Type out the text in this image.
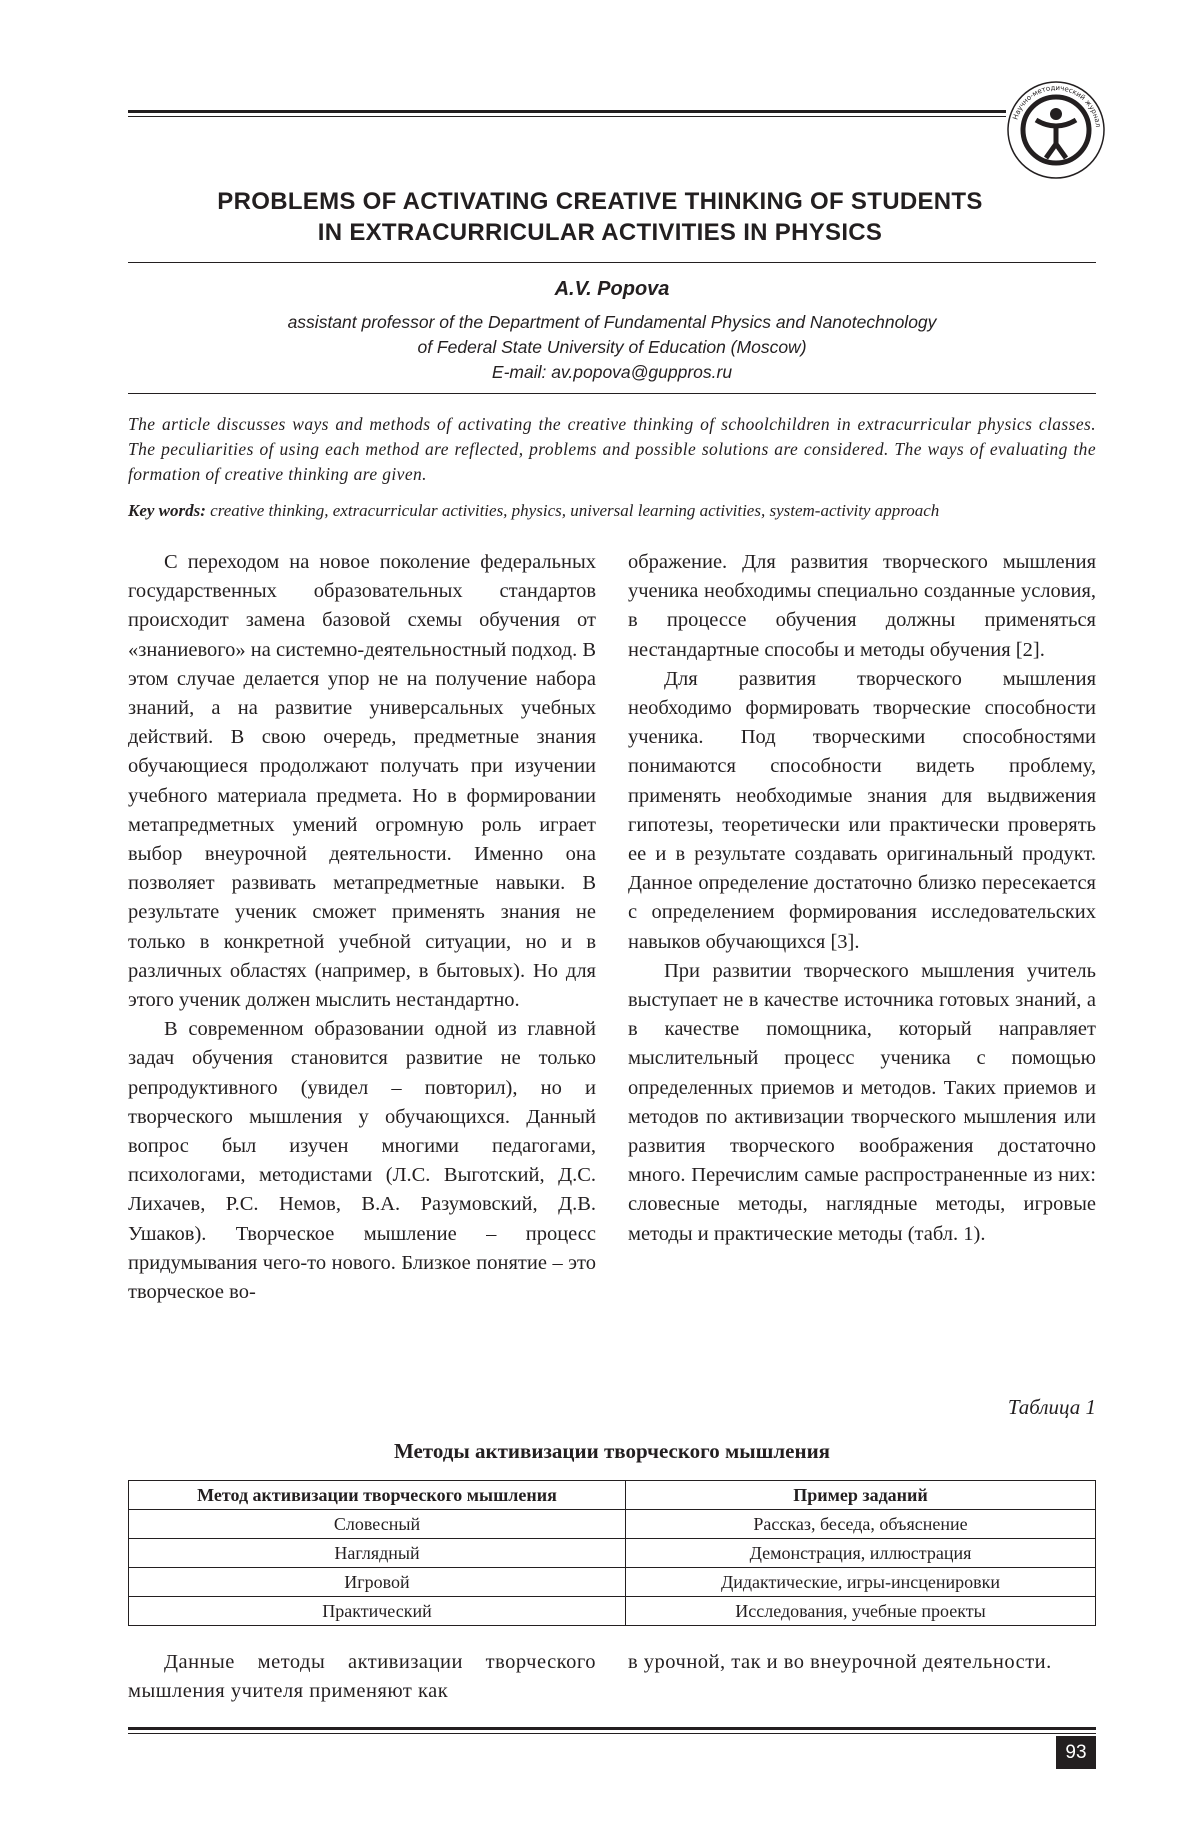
Научно-методический журнал
PROBLEMS OF ACTIVATING CREATIVE THINKING OF STUDENTS
IN EXTRACURRICULAR ACTIVITIES IN PHYSICS
A.V. Popova
assistant professor of the Department of Fundamental Physics and Nanotechnology
of Federal State University of Education (Moscow)
E-mail: av.popova@guppros.ru
The article discusses ways and methods of activating the creative thinking of schoolchildren in extracurricular physics classes. The peculiarities of using each method are reflected, problems and possible solutions are considered. The ways of evaluating the formation of creative thinking are given.
Key words: creative thinking, extracurricular activities, physics, universal learning activities, system-activity approach

С переходом на новое поколение федеральных государственных образовательных стандартов происходит замена базовой схемы обучения от «знаниевого» на системно-деятельностный подход. В этом случае делается упор не на получение набора знаний, а на развитие универсальных учебных действий. В свою очередь, предметные знания обучающиеся продолжают получать при изучении учебного материала предмета. Но в формировании метапредметных умений огромную роль играет выбор внеурочной деятельности. Именно она позволяет развивать метапредметные навыки. В результате ученик сможет применять знания не только в конкретной учебной ситуации, но и в различных областях (например, в бытовых). Но для этого ученик должен мыслить нестандартно.

В современном образовании одной из главной задач обучения становится развитие не только репродуктивного (увидел – повторил), но и творческого мышления у обучающихся. Данный вопрос был изучен многими педагогами, психологами, методистами (Л.С. Выготский, Д.С. Лихачев, Р.С. Немов, В.А. Разумовский, Д.В. Ушаков). Творческое мышление – процесс придумывания чего-то нового. Близкое понятие – это творческое во-

ображение. Для развития творческого мышления ученика необходимы специально созданные условия, в процессе обучения должны применяться нестандартные способы и методы обучения [2].

Для развития творческого мышления необходимо формировать творческие способности ученика. Под творческими способностями понимаются способности видеть проблему, применять необходимые знания для выдвижения гипотезы, теоретически или практически проверять ее и в результате создавать оригинальный продукт. Данное определение достаточно близко пересекается с определением формирования исследовательских навыков обучающихся [3].

При развитии творческого мышления учитель выступает не в качестве источника готовых знаний, а в качестве помощника, который направляет мыслительный процесс ученика с помощью определенных приемов и методов. Таких приемов и методов по активизации творческого мышления или развития творческого воображения достаточно много. Перечислим самые распространенные из них: словесные методы, наглядные методы, игровые методы и практические методы (табл. 1).

Таблица 1
Методы активизации творческого мышления
Метод активизации творческого мышления	Пример заданий
Словесный	Рассказ, беседа, объяснение
Наглядный	Демонстрация, иллюстрация
Игровой	Дидактические, игры-инсценировки
Практический	Исследования, учебные проекты

Данные методы активизации творческого мышления учителя применяют как

в урочной, так и во внеурочной деятельности.

93
